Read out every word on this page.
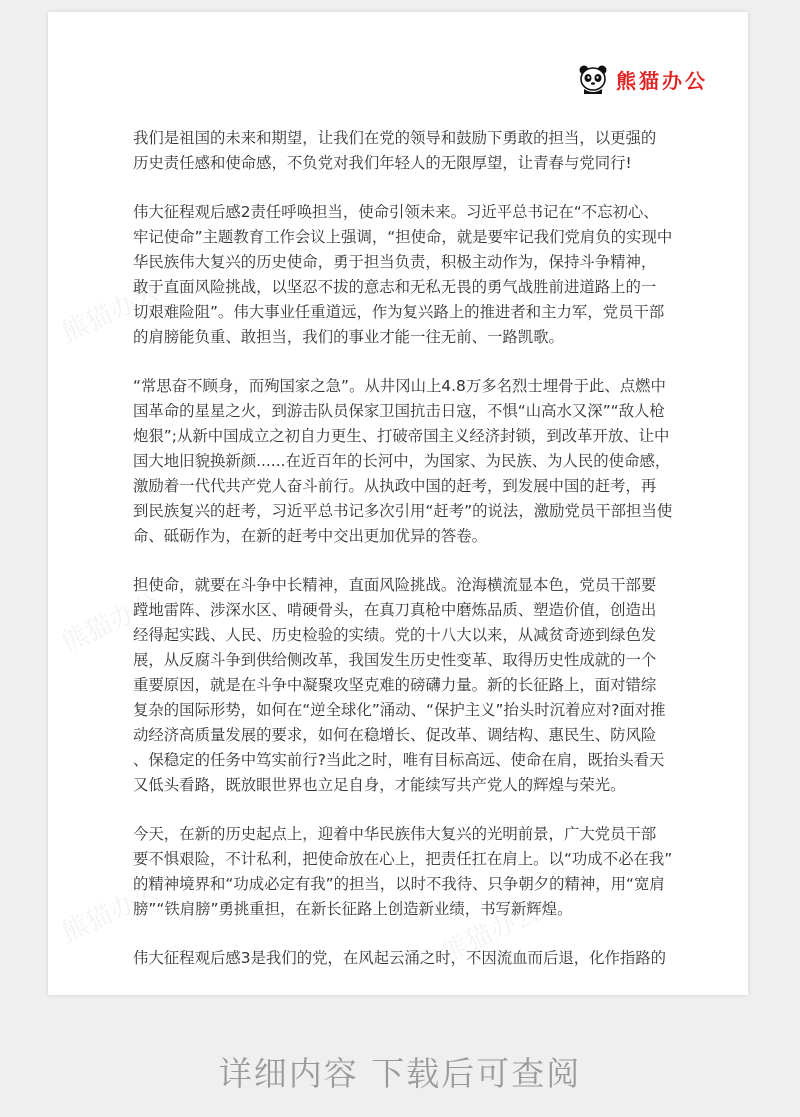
熊猫办公
熊猫办公
熊猫办公	熊猫办公
熊猫办公
我们是祖国的未来和期望，让我们在党的领导和鼓励下勇敢的担当，以更强的
历史责任感和使命感，不负党对我们年轻人的无限厚望，让青春与党同行!
伟大征程观后感2责任呼唤担当，使命引领未来。习近平总书记在“不忘初心、
牢记使命”主题教育工作会议上强调，“担使命，就是要牢记我们党肩负的实现中
华民族伟大复兴的历史使命，勇于担当负责，积极主动作为，保持斗争精神，
敢于直面风险挑战，以坚忍不拔的意志和无私无畏的勇气战胜前进道路上的一
切艰难险阻”。伟大事业任重道远，作为复兴路上的推进者和主力军，党员干部
的肩膀能负重、敢担当，我们的事业才能一往无前、一路凯歌。
“常思奋不顾身，而殉国家之急”。从井冈山上4.8万多名烈士埋骨于此、点燃中
国革命的星星之火，到游击队员保家卫国抗击日寇，不惧“山高水又深”“敌人枪
炮狠”;从新中国成立之初自力更生、打破帝国主义经济封锁，到改革开放、让中
国大地旧貌换新颜......在近百年的长河中，为国家、为民族、为人民的使命感，
激励着一代代共产党人奋斗前行。从执政中国的赶考，到发展中国的赶考，再
到民族复兴的赶考，习近平总书记多次引用“赶考”的说法，激励党员干部担当使
命、砥砺作为，在新的赶考中交出更加优异的答卷。
担使命，就要在斗争中长精神，直面风险挑战。沧海横流显本色，党员干部要
蹚地雷阵、涉深水区、啃硬骨头，在真刀真枪中磨炼品质、塑造价值，创造出
经得起实践、人民、历史检验的实绩。党的十八大以来，从减贫奇迹到绿色发
展，从反腐斗争到供给侧改革，我国发生历史性变革、取得历史性成就的一个
重要原因，就是在斗争中凝聚攻坚克难的磅礴力量。新的长征路上，面对错综
复杂的国际形势，如何在“逆全球化”涌动、“保护主义”抬头时沉着应对?面对推
动经济高质量发展的要求，如何在稳增长、促改革、调结构、惠民生、防风险
、保稳定的任务中笃实前行?当此之时，唯有目标高远、使命在肩，既抬头看天
又低头看路，既放眼世界也立足自身，才能续写共产党人的辉煌与荣光。
今天，在新的历史起点上，迎着中华民族伟大复兴的光明前景，广大党员干部
要不惧艰险，不计私利，把使命放在心上，把责任扛在肩上。以“功成不必在我”
的精神境界和“功成必定有我”的担当，以时不我待、只争朝夕的精神，用“宽肩
膀”“铁肩膀”勇挑重担，在新长征路上创造新业绩，书写新辉煌。
伟大征程观后感3是我们的党，在风起云涌之时，不因流血而后退，化作指路的
详细内容 下载后可查阅
